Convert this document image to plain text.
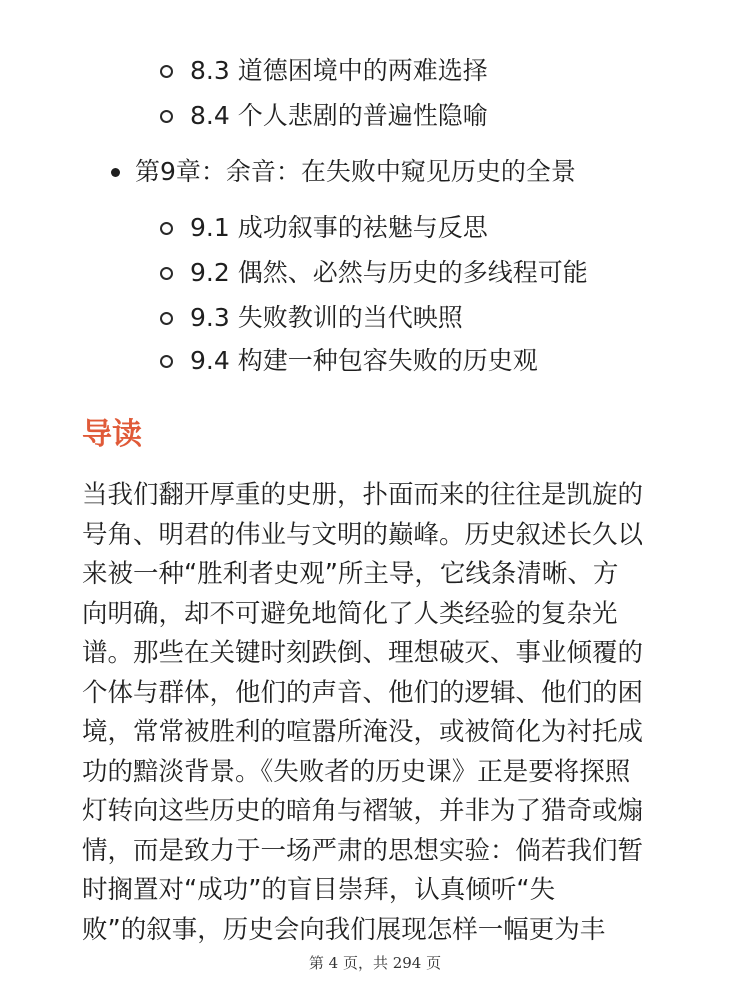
8.3 道德困境中的两难选择
8.4 个人悲剧的普遍性隐喻
第9章：余音：在失败中窥见历史的全景
9.1 成功叙事的祛魅与反思
9.2 偶然、必然与历史的多线程可能
9.3 失败教训的当代映照
9.4 构建一种包容失败的历史观
导读
当我们翻开厚重的史册，扑面而来的往往是凯旋的
号角、明君的伟业与文明的巅峰。历史叙述长久以
来被一种“胜利者史观”所主导，它线条清晰、方
向明确，却不可避免地简化了人类经验的复杂光
谱。那些在关键时刻跌倒、理想破灭、事业倾覆的
个体与群体，他们的声音、他们的逻辑、他们的困
境，常常被胜利的喧嚣所淹没，或被简化为衬托成
功的黯淡背景。《失败者的历史课》正是要将探照
灯转向这些历史的暗角与褶皱，并非为了猎奇或煽
情，而是致力于一场严肃的思想实验：倘若我们暂
时搁置对“成功”的盲目崇拜，认真倾听“失
败”的叙事，历史会向我们展现怎样一幅更为丰
第 4 页，共 294 页
